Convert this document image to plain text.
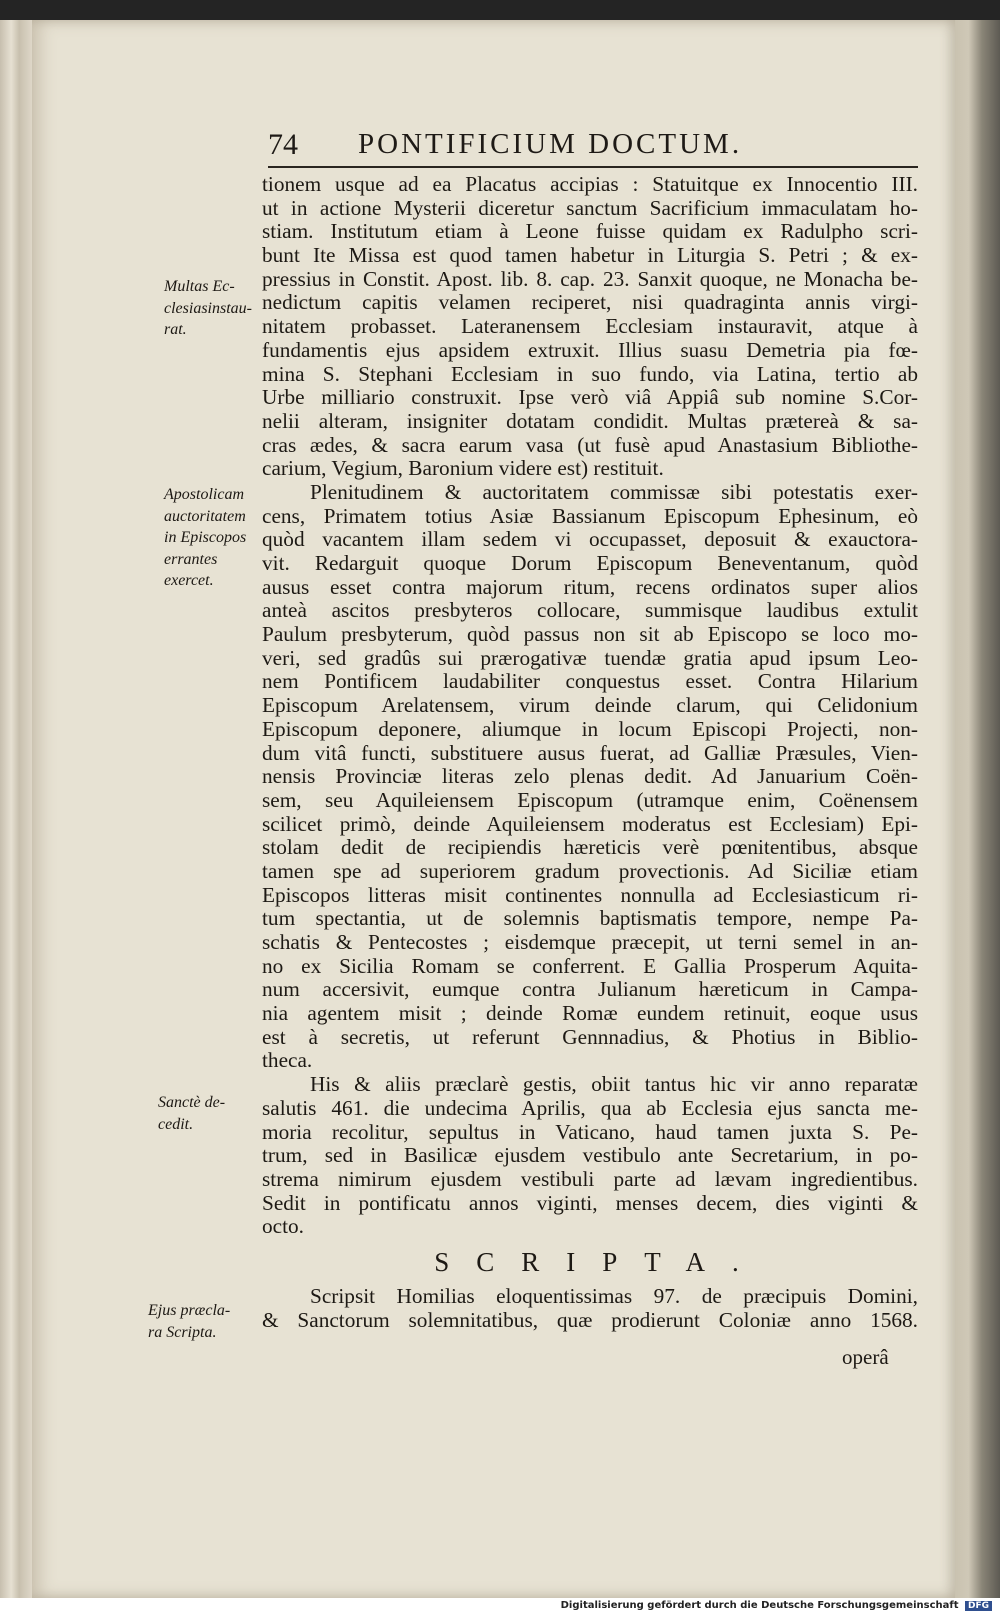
74 PONTIFICIUM DOCTUM.
Multas Ec-
clesiasinstau-
rat.
Apostolicam
auctoritatem
in Episcopos
errantes
exercet.
Sanctè de-
cedit.
Ejus præcla-
ra Scripta.
tionem usque ad ea Placatus accipias : Statuitque ex Innocentio III.
ut in actione Mysterii diceretur sanctum Sacrificium immaculatam ho-
stiam. Institutum etiam à Leone fuisse quidam ex Radulpho scri-
bunt Ite Missa est quod tamen habetur in Liturgia S. Petri ; & ex-
pressius in Constit. Apost. lib. 8. cap. 23. Sanxit quoque, ne Monacha be-
nedictum capitis velamen reciperet, nisi quadraginta annis virgi-
nitatem probasset. Lateranensem Ecclesiam instauravit, atque à
fundamentis ejus apsidem extruxit. Illius suasu Demetria pia fœ-
mina S. Stephani Ecclesiam in suo fundo, via Latina, tertio ab
Urbe milliario construxit. Ipse verò viâ Appiâ sub nomine S.Cor-
nelii alteram, insigniter dotatam condidit. Multas prætereà & sa-
cras ædes, & sacra earum vasa (ut fusè apud Anastasium Bibliothe-
carium, Vegium, Baronium videre est) restituit.
Plenitudinem & auctoritatem commissæ sibi potestatis exer-
cens, Primatem totius Asiæ Bassianum Episcopum Ephesinum, eò
quòd vacantem illam sedem vi occupasset, deposuit & exauctora-
vit. Redarguit quoque Dorum Episcopum Beneventanum, quòd
ausus esset contra majorum ritum, recens ordinatos super alios
anteà ascitos presbyteros collocare, summisque laudibus extulit
Paulum presbyterum, quòd passus non sit ab Episcopo se loco mo-
veri, sed gradûs sui prærogativæ tuendæ gratia apud ipsum Leo-
nem Pontificem laudabiliter conquestus esset. Contra Hilarium
Episcopum Arelatensem, virum deinde clarum, qui Celidonium
Episcopum deponere, aliumque in locum Episcopi Projecti, non-
dum vitâ functi, substituere ausus fuerat, ad Galliæ Præsules, Vien-
nensis Provinciæ literas zelo plenas dedit. Ad Januarium Coën-
sem, seu Aquileiensem Episcopum (utramque enim, Coënensem
scilicet primò, deinde Aquileiensem moderatus est Ecclesiam) Epi-
stolam dedit de recipiendis hæreticis verè pœnitentibus, absque
tamen spe ad superiorem gradum provectionis. Ad Siciliæ etiam
Episcopos litteras misit continentes nonnulla ad Ecclesiasticum ri-
tum spectantia, ut de solemnis baptismatis tempore, nempe Pa-
schatis & Pentecostes ; eisdemque præcepit, ut terni semel in an-
no ex Sicilia Romam se conferrent. E Gallia Prosperum Aquita-
num accersivit, eumque contra Julianum hæreticum in Campa-
nia agentem misit ; deinde Romæ eundem retinuit, eoque usus
est à secretis, ut referunt Gennnadius, & Photius in Biblio-
theca.
His & aliis præclarè gestis, obiit tantus hic vir anno reparatæ
salutis 461. die undecima Aprilis, qua ab Ecclesia ejus sancta me-
moria recolitur, sepultus in Vaticano, haud tamen juxta S. Pe-
trum, sed in Basilicæ ejusdem vestibulo ante Secretarium, in po-
strema nimirum ejusdem vestibuli parte ad lævam ingredientibus.
Sedit in pontificatu annos viginti, menses decem, dies viginti &
octo.
SCRIPTA.
Scripsit Homilias eloquentissimas 97. de præcipuis Domini,
& Sanctorum solemnitatibus, quæ prodierunt Coloniæ anno 1568.
operâ
Digitalisierung gefördert durch die Deutsche Forschungsgemeinschaft DFG
